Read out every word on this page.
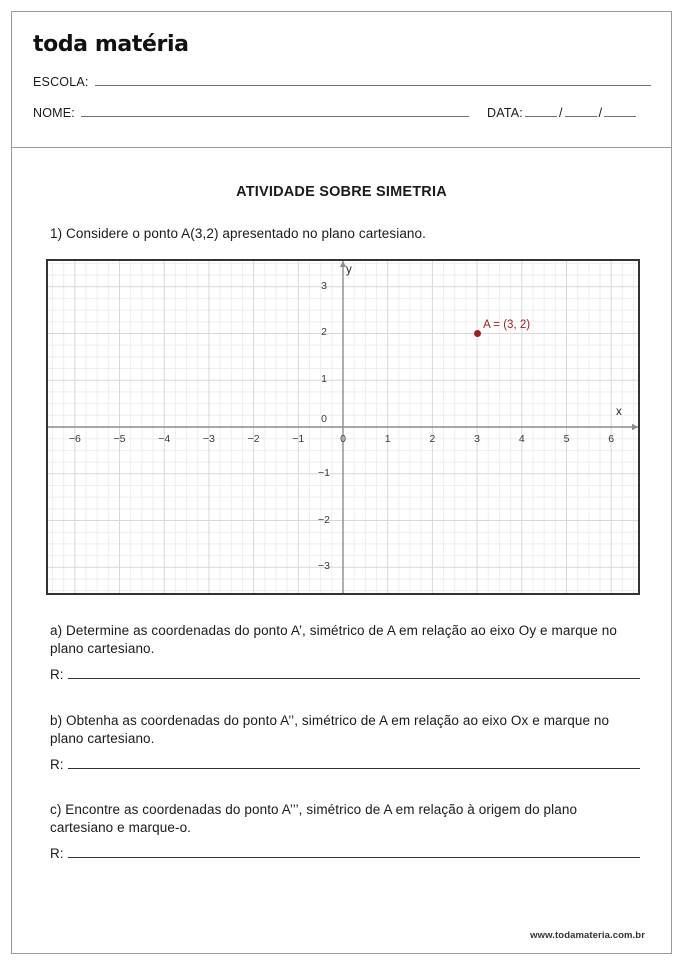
toda matéria
ESCOLA:
NOME:	DATA:	/	/
ATIVIDADE SOBRE SIMETRIA
1) Considere o ponto A(3,2) apresentado no plano cartesiano.
y
x
−6	−5	−4	−3	−2	−1	0	1	2	3	4	5	6
3
2
1
0
−1
−2
−3
A = (3, 2)
a) Determine as coordenadas do ponto A’, simétrico de A em relação ao eixo Oy e marque no plano cartesiano.
R:
b) Obtenha as coordenadas do ponto A’’, simétrico de A em relação ao eixo Ox e marque no plano cartesiano.
R:
c) Encontre as coordenadas do ponto A’’’, simétrico de A em relação à origem do plano cartesiano e marque-o.
R:
www.todamateria.com.br
